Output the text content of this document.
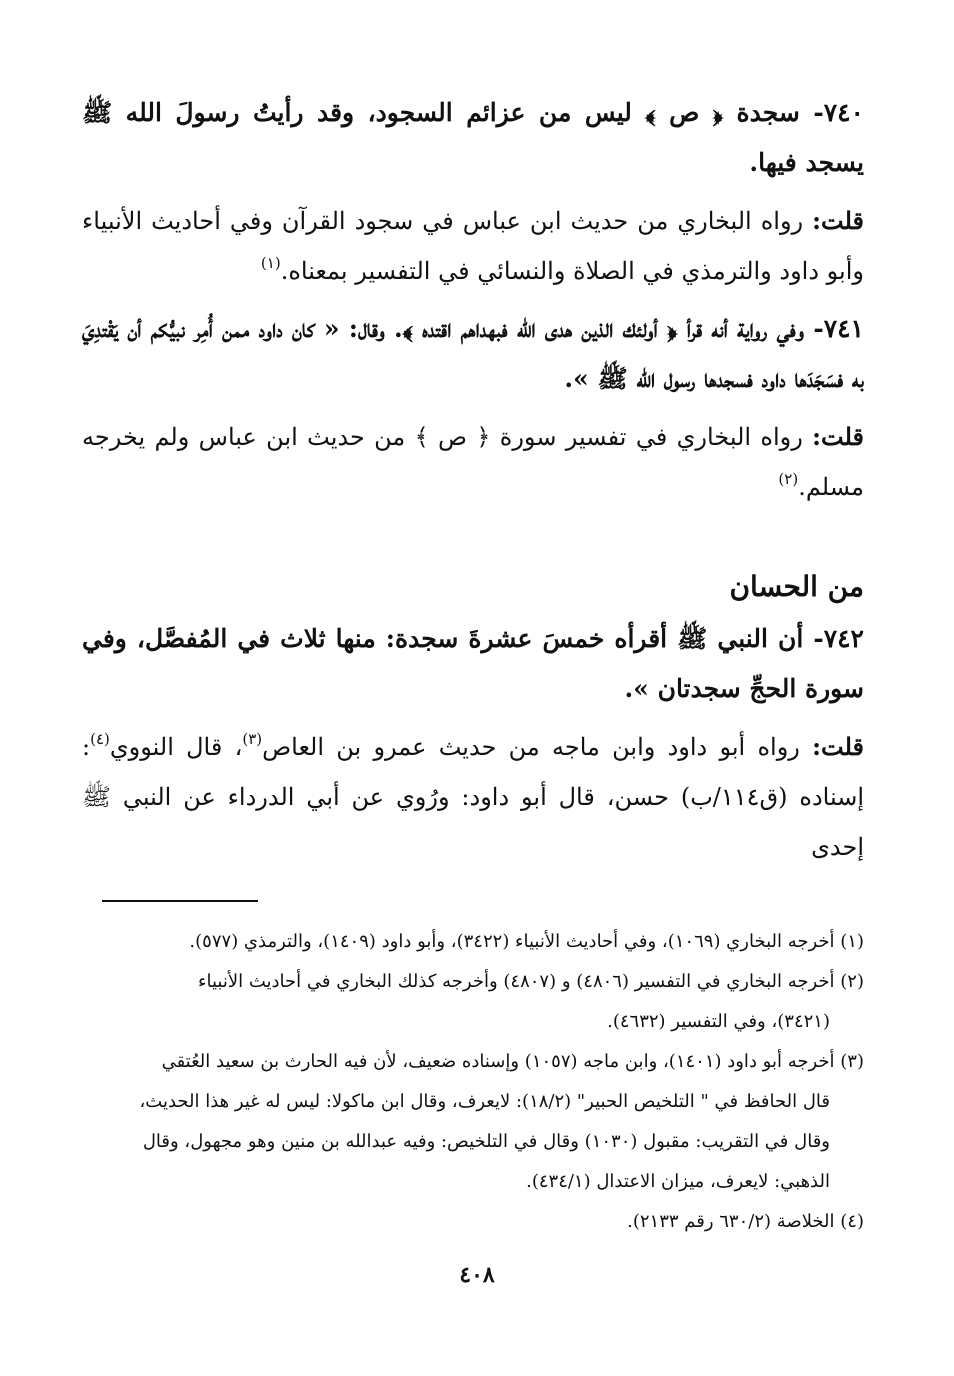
٧٤٠- سجدة ﴿ ص ﴾ ليس من عزائم السجود، وقد رأيتُ رسولَ الله ﷺ يسجد فيها.

قلت: رواه البخاري من حديث ابن عباس في سجود القرآن وفي أحاديث الأنبياء وأبو داود والترمذي في الصلاة والنسائي في التفسير بمعناه.$^{(١)}$

٧٤١- وفي رواية أنه قرأ ﴿ أولئك الذين هدى الله فبهداهم اقتده ﴾. وقال: « كان داود ممن أُمِر نبيُّكم أن يَقْتدِيَ به فسَجَدَها داود فسجدها رسول الله ﷺ ».

قلت: رواه البخاري في تفسير سورة ﴿ ص ﴾ من حديث ابن عباس ولم يخرجه مسلم.$^{(٢)}$

من الحسان

٧٤٢- أن النبي ﷺ أقرأه خمسَ عشرةَ سجدة: منها ثلاث في المُفصَّل، وفي سورة الحجِّ سجدتان ».

قلت: رواه أبو داود وابن ماجه من حديث عمرو بن العاص$^{(٣)}$، قال النووي$^{(٤)}$: إسناده (ق١١٤/ب) حسن، قال أبو داود: ورُوي عن أبي الدرداء عن النبي ﷺ إحدى

(١) أخرجه البخاري (١٠٦٩)، وفي أحاديث الأنبياء (٣٤٢٢)، وأبو داود (١٤٠٩)، والترمذي (٥٧٧).

(٢) أخرجه البخاري في التفسير (٤٨٠٦) و (٤٨٠٧) وأخرجه كذلك البخاري في أحاديث الأنبياء

(٣٤٢١)، وفي التفسير (٤٦٣٢).

(٣) أخرجه أبو داود (١٤٠١)، وابن ماجه (١٠٥٧) وإسناده ضعيف، لأن فيه الحارث بن سعيد العُتقي

قال الحافظ في " التلخيص الحبير" (١٨/٢): لايعرف، وقال ابن ماكولا: ليس له غير هذا الحديث،

وقال في التقريب: مقبول (١٠٣٠) وقال في التلخيص: وفيه عبدالله بن منين وهو مجهول، وقال

الذهبي: لايعرف، ميزان الاعتدال (٤٣٤/١).

(٤) الخلاصة (٦٣٠/٢ رقم ٢١٣٣).

٤٠٨
